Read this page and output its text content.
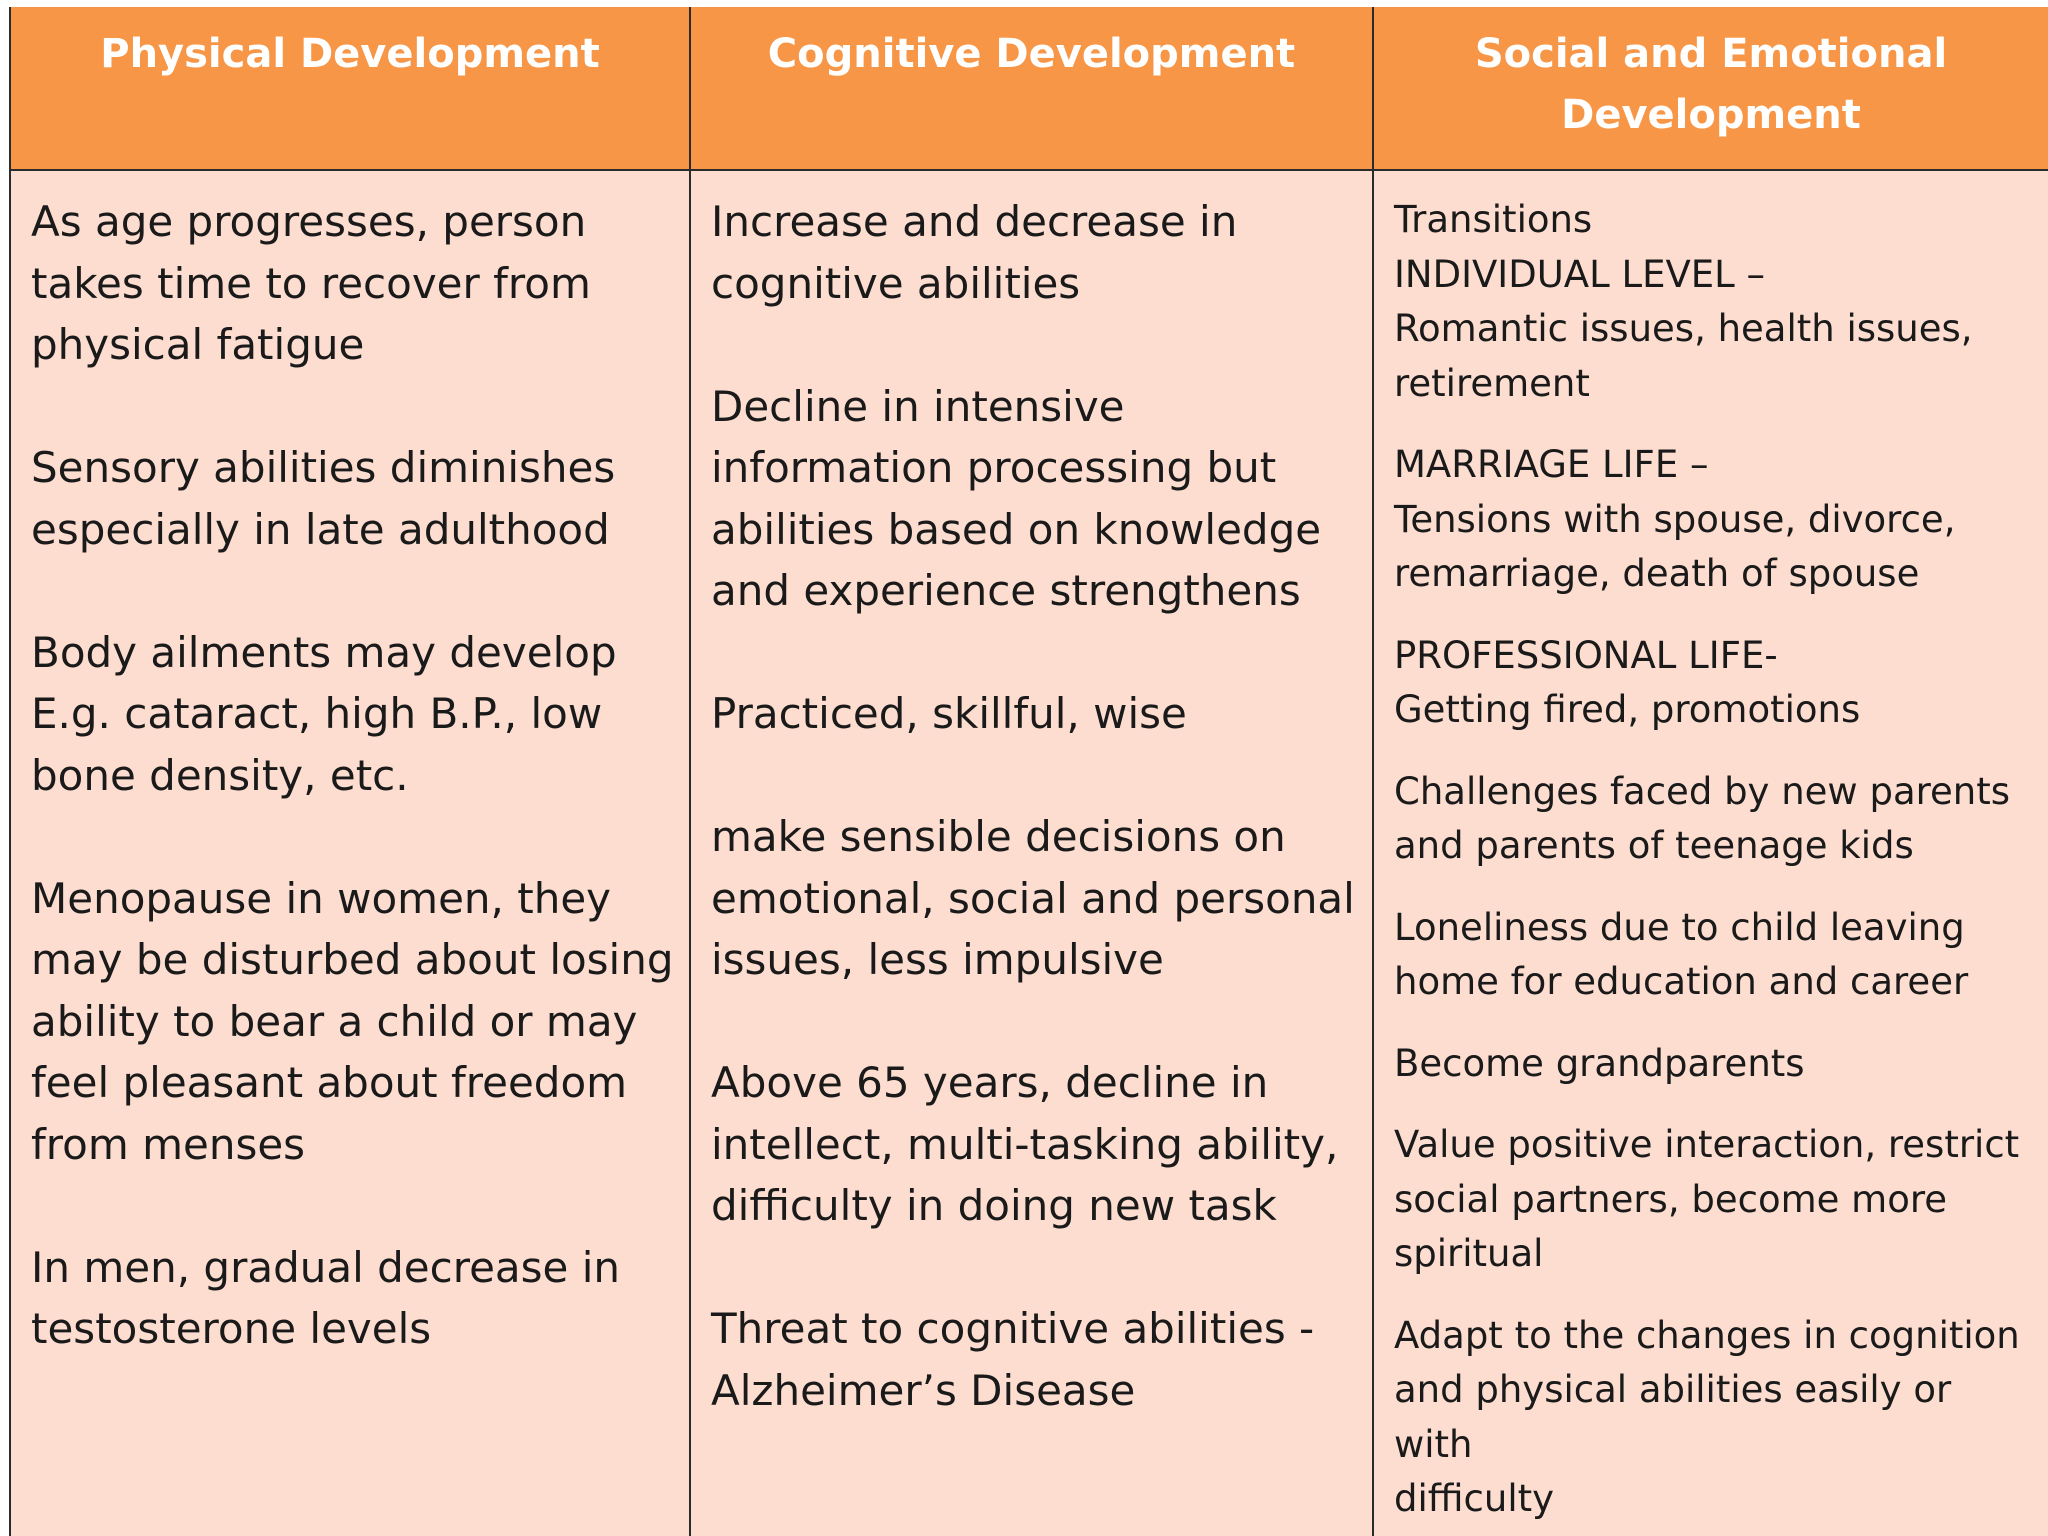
Physical Development	Cognitive Development	Social and Emotional
Development

As age progresses, person
takes time to recover from
physical fatigue

Sensory abilities diminishes
especially in late adulthood

Body ailments may develop
E.g. cataract, high B.P., low
bone density, etc.

Menopause in women, they
may be disturbed about losing
ability to bear a child or may
feel pleasant about freedom
from menses

In men, gradual decrease in
testosterone levels

Increase and decrease in
cognitive abilities

Decline in intensive
information processing but
abilities based on knowledge
and experience strengthens

Practiced, skillful, wise

make sensible decisions on
emotional, social and personal
issues, less impulsive

Above 65 years, decline in
intellect, multi-tasking ability,
difficulty in doing new task

Threat to cognitive abilities -
Alzheimer’s Disease

Transitions
INDIVIDUAL LEVEL –
Romantic issues, health issues,
retirement

MARRIAGE LIFE –
Tensions with spouse, divorce,
remarriage, death of spouse

PROFESSIONAL LIFE-
Getting fired, promotions

Challenges faced by new parents
and parents of teenage kids

Loneliness due to child leaving
home for education and career

Become grandparents

Value positive interaction, restrict
social partners, become more
spiritual

Adapt to the changes in cognition
and physical abilities easily or with
difficulty
